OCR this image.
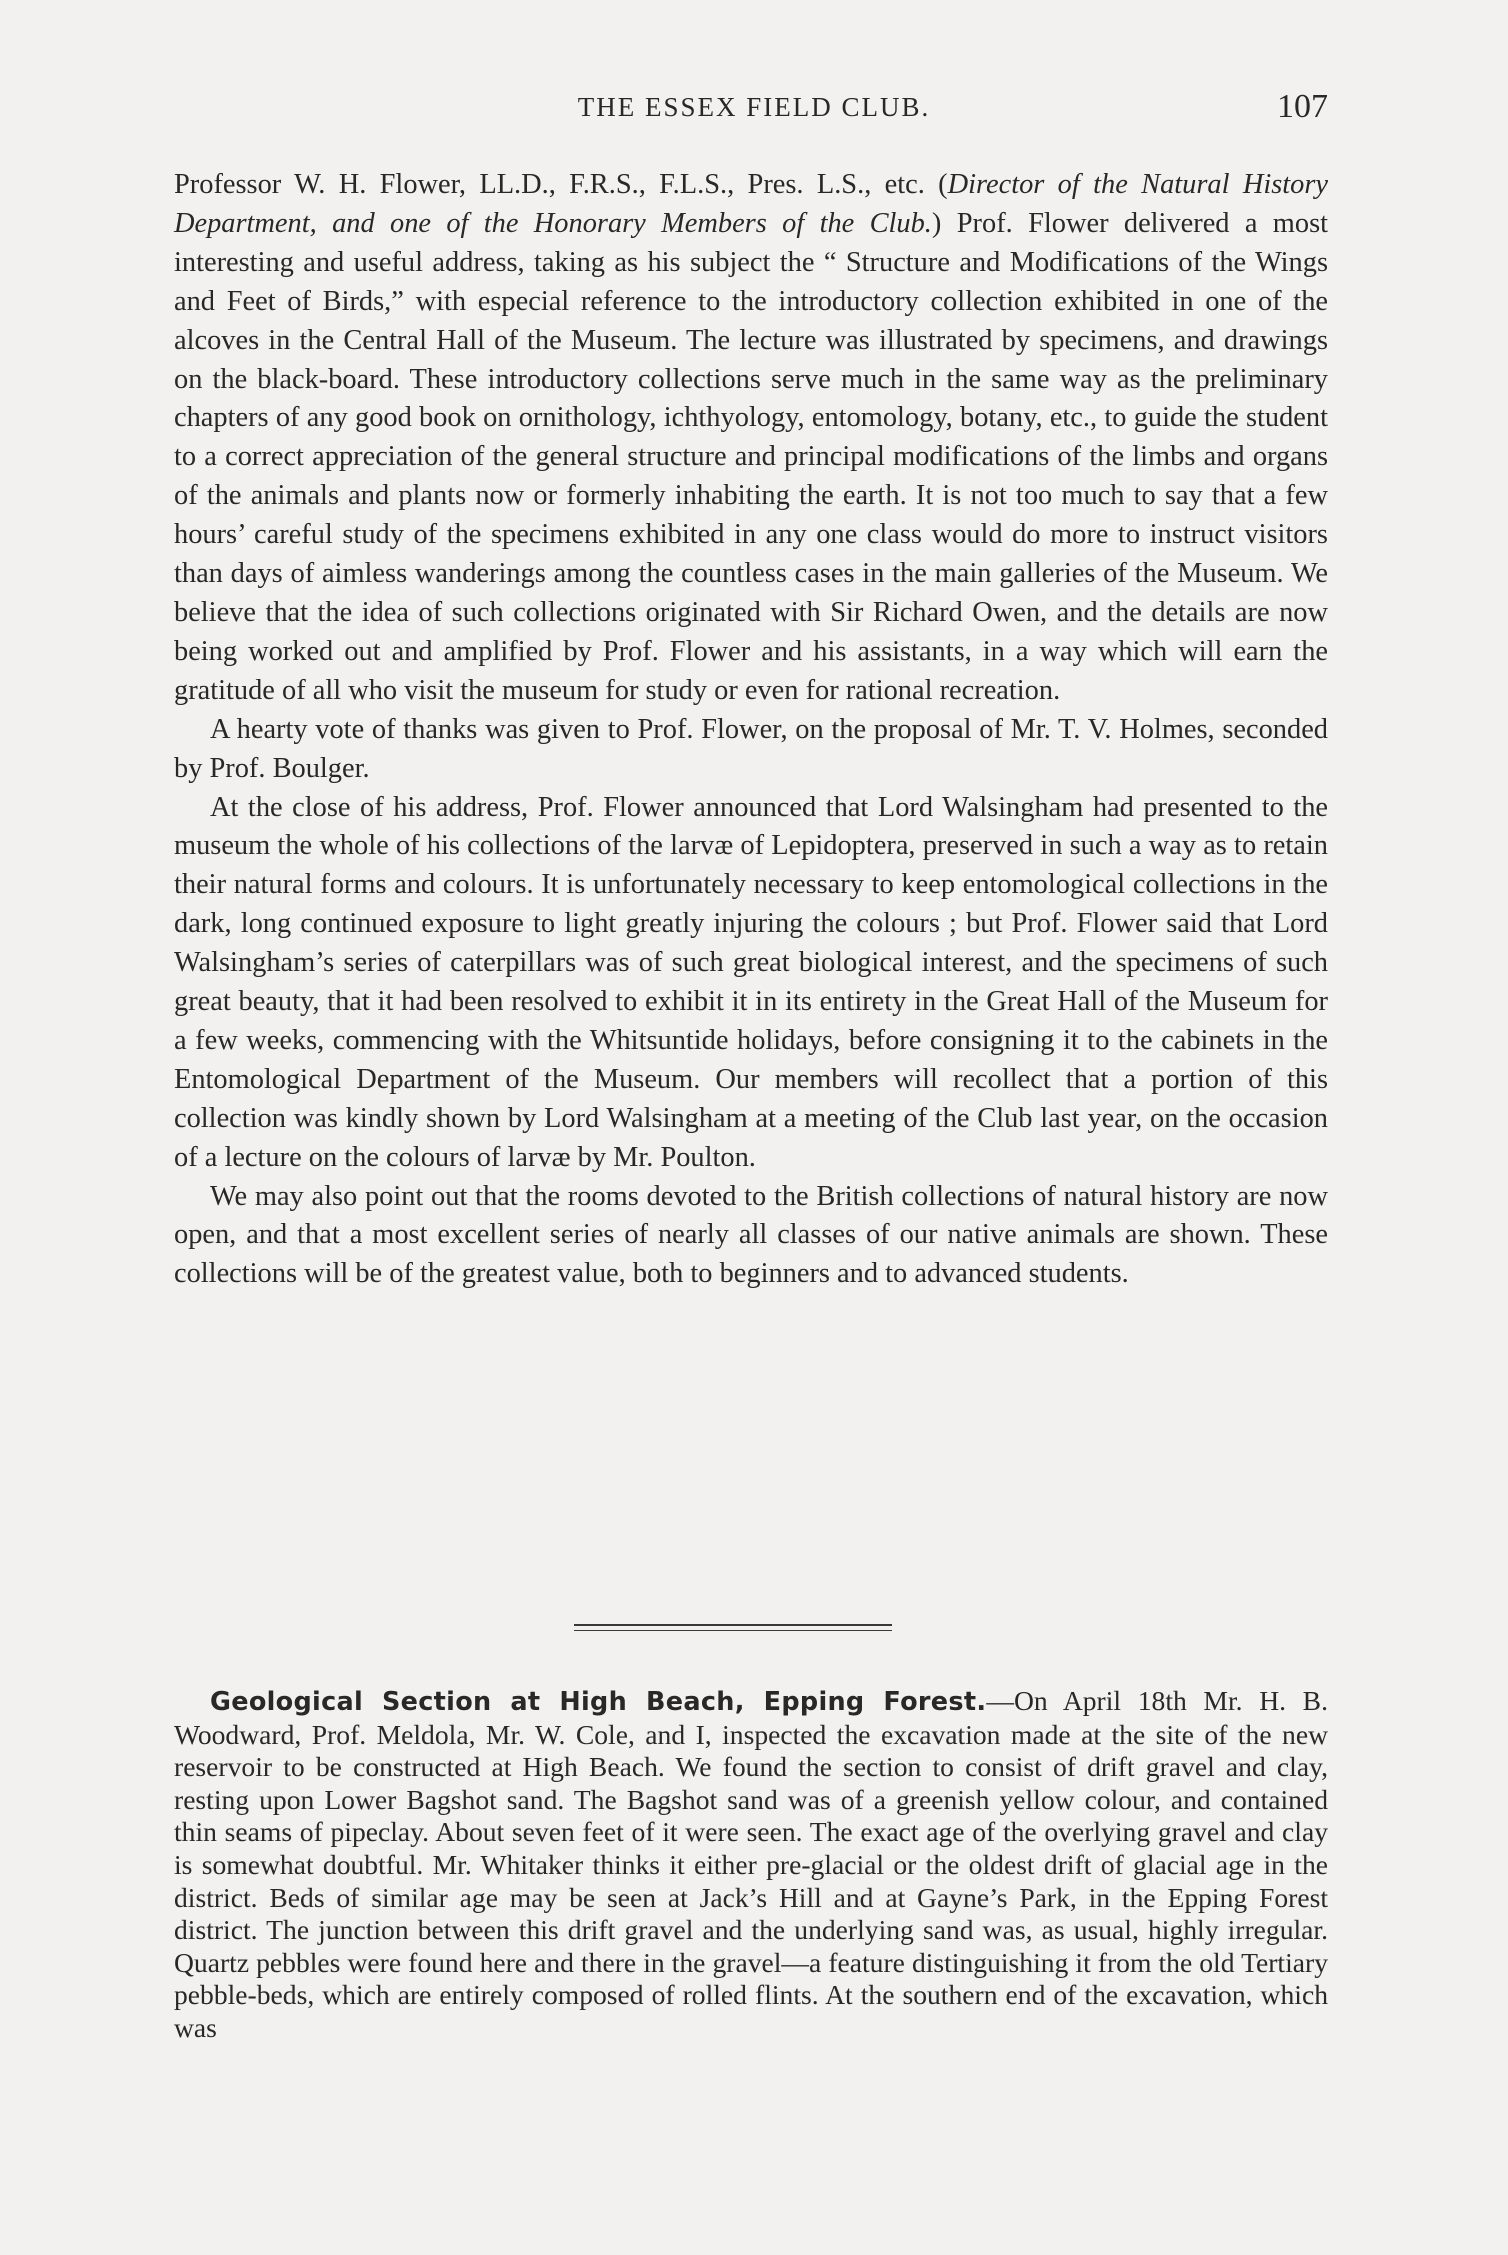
THE ESSEX FIELD CLUB.	107

Professor W. H. Flower, LL.D., F.R.S., F.L.S., Pres. L.S., etc. (Director of the Natural History Department, and one of the Honorary Members of the Club.) Prof. Flower delivered a most interesting and useful address, taking as his subject the “ Structure and Modifications of the Wings and Feet of Birds,” with especial reference to the introductory collection exhibited in one of the alcoves in the Central Hall of the Museum. The lecture was illustrated by specimens, and drawings on the black-board. These introductory collections serve much in the same way as the preliminary chapters of any good book on ornithology, ichthyology, entomology, botany, etc., to guide the student to a correct appreciation of the general structure and principal modifications of the limbs and organs of the animals and plants now or formerly inhabiting the earth. It is not too much to say that a few hours’ careful study of the specimens exhibited in any one class would do more to instruct visitors than days of aimless wanderings among the countless cases in the main galleries of the Museum. We believe that the idea of such collections originated with Sir Richard Owen, and the details are now being worked out and amplified by Prof. Flower and his assistants, in a way which will earn the gratitude of all who visit the museum for study or even for rational recreation.

A hearty vote of thanks was given to Prof. Flower, on the proposal of Mr. T. V. Holmes, seconded by Prof. Boulger.

At the close of his address, Prof. Flower announced that Lord Walsingham had presented to the museum the whole of his collections of the larvæ of Lepidoptera, preserved in such a way as to retain their natural forms and colours. It is unfortunately necessary to keep entomological collections in the dark, long continued exposure to light greatly injuring the colours ; but Prof. Flower said that Lord Walsingham’s series of caterpillars was of such great biological interest, and the specimens of such great beauty, that it had been resolved to exhibit it in its entirety in the Great Hall of the Museum for a few weeks, commencing with the Whitsuntide holidays, before consigning it to the cabinets in the Entomological Department of the Museum. Our members will recollect that a portion of this collection was kindly shown by Lord Walsingham at a meeting of the Club last year, on the occasion of a lecture on the colours of larvæ by Mr. Poulton.

We may also point out that the rooms devoted to the British collections of natural history are now open, and that a most excellent series of nearly all classes of our native animals are shown. These collections will be of the greatest value, both to beginners and to advanced students.

Geological Section at High Beach, Epping Forest.—On April 18th Mr. H. B. Woodward, Prof. Meldola, Mr. W. Cole, and I, inspected the excavation made at the site of the new reservoir to be constructed at High Beach. We found the section to consist of drift gravel and clay, resting upon Lower Bagshot sand. The Bagshot sand was of a greenish yellow colour, and contained thin seams of pipeclay. About seven feet of it were seen. The exact age of the overlying gravel and clay is somewhat doubtful. Mr. Whitaker thinks it either pre-glacial or the oldest drift of glacial age in the district. Beds of similar age may be seen at Jack’s Hill and at Gayne’s Park, in the Epping Forest district. The junction between this drift gravel and the underlying sand was, as usual, highly irregular. Quartz pebbles were found here and there in the gravel—a feature distinguishing it from the old Tertiary pebble-beds, which are entirely composed of rolled flints. At the southern end of the excavation, which was
